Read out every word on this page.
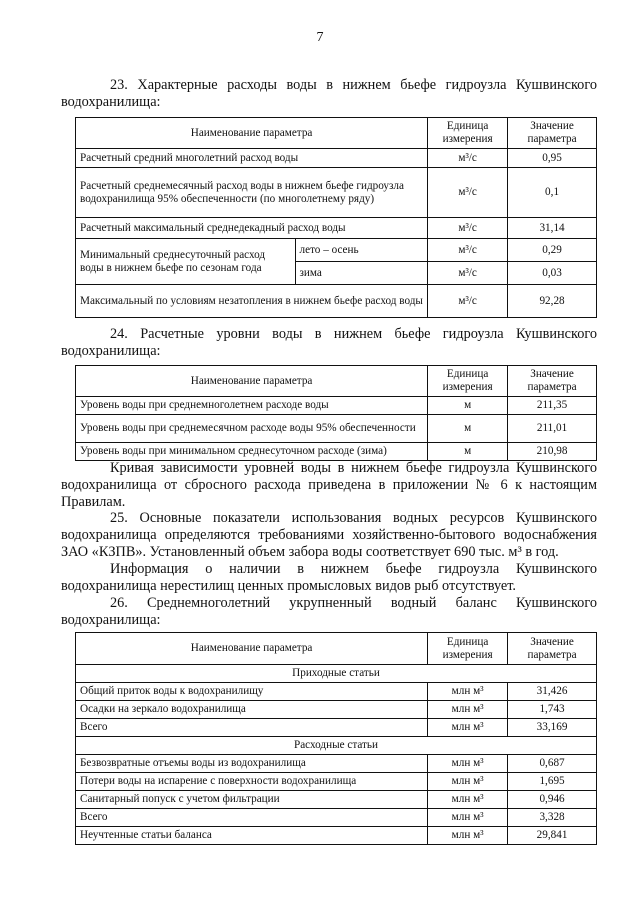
7
23. Характерные расходы воды в нижнем бьефе гидроузла Кушвинского
водохранилища:
Наименование параметра		Единица измерения	Значение параметра
Расчетный средний многолетний расход воды		м³/с	0,95
Расчетный среднемесячный расход воды в нижнем бьефе гидроузла водохранилища 95% обеспеченности (по многолетнему ряду)		м³/с	0,1
Расчетный максимальный среднедекадный расход воды		м³/с	31,14
Минимальный среднесуточный расход воды в нижнем бьефе по сезонам года	лето – осень	м³/с	0,29
	зима	м³/с	0,03
Максимальный по условиям незатопления в нижнем бьефе расход воды		м³/с	92,28
24. Расчетные уровни воды в нижнем бьефе гидроузла Кушвинского
водохранилища:
Наименование параметра	Единица измерения	Значение параметра
Уровень воды при среднемноголетнем расходе воды	м	211,35
Уровень воды при среднемесячном расходе воды 95% обеспеченности	м	211,01
Уровень воды при минимальном среднесуточном расходе (зима)	м	210,98
Кривая зависимости уровней воды в нижнем бьефе гидроузла Кушвинского
водохранилища от сбросного расхода приведена в приложении № 6 к настоящим
Правилам.
25. Основные показатели использования водных ресурсов Кушвинского
водохранилища определяются требованиями хозяйственно-бытового водоснабжения
ЗАО «КЗПВ». Установленный объем забора воды соответствует 690 тыс. м³ в год.
Информация о наличии в нижнем бьефе гидроузла Кушвинского
водохранилища нерестилищ ценных промысловых видов рыб отсутствует.
26. Среднемноголетний укрупненный водный баланс Кушвинского
водохранилища:
Наименование параметра	Единица измерения	Значение параметра
Приходные статьи		
Общий приток воды к водохранилищу	млн м³	31,426
Осадки на зеркало водохранилища	млн м³	1,743
Всего	млн м³	33,169
Расходные статьи		
Безвозвратные отъемы воды из водохранилища	млн м³	0,687
Потери воды на испарение с поверхности водохранилища	млн м³	1,695
Санитарный попуск с учетом фильтрации	млн м³	0,946
Всего	млн м³	3,328
Неучтенные статьи баланса	млн м³	29,841
